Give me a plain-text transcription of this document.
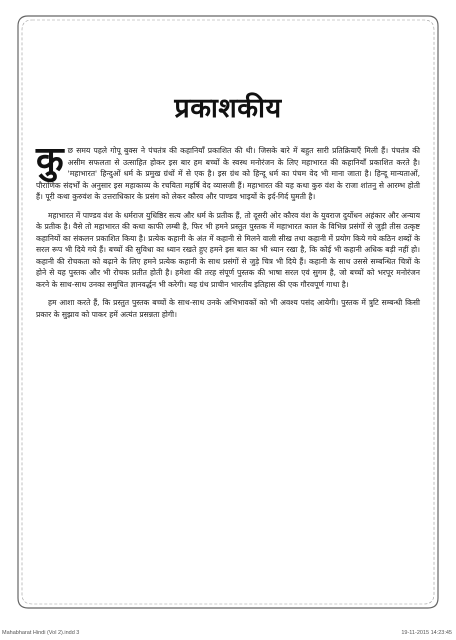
प्रकाशकीय

कुछ समय पहले गोपू बुक्स ने पंचतंत्र की कहानियाँ प्रकाशित की थी। जिसके बारे में बहुत सारी प्रतिक्रियाएँ मिली हैं। पंचतंत्र की असीम सफलता से उत्साहित होकर इस बार हम बच्चों के स्वस्थ मनोरंजन के लिए महाभारत की कहानियाँ प्रकाशित करते है। 'महाभारत' हिन्दुओं धर्म के प्रमुख ग्रंथों में से एक है। इस ग्रंथ को हिन्दू धर्म का पंचम वेद भी माना जाता है। हिन्दू मान्यताओं, पौराणिक संदर्भों के अनुसार इस महाकाव्य के रचयिता महर्षि वेद व्यासजी हैं। महाभारत की यह कथा कुरु वंश के राजा शांतनु से आरम्भ होती हैं। पूरी कथा कुरुवंश के उत्तराधिकार के प्रसंग को लेकर कौरव और पाण्डव भाइयों के इर्द-गिर्द घुमती है।

महाभारत में पाण्डव वंश के धर्मराज युधिष्ठिर सत्य और धर्म के प्रतीक हैं, तो दूसरी ओर कौरव वंश के युवराज दुर्योधन अहंकार और अन्याय के प्रतीक है। वैसे तो महाभारत की कथा काफी लम्बी है, फिर भी हमने प्रस्तुत पुस्तक में महाभारत काल के विभिन्न प्रसंगों से जुड़ी तीस उत्कृष्ट कहानियों का संकलन प्रकाशित किया है। प्रत्येक कहानी के अंत में कहानी से मिलने वाली सीख तथा कहानी में प्रयोग किये गये कठिन शब्दों के सरल रूप भी दिये गये हैं। बच्चों की सुविधा का ध्यान रखते हुए हमने इस बात का भी ध्यान रखा है, कि कोई भी कहानी अधिक बड़ी नहीं हो। कहानी की रोचकता को बढ़ाने के लिए हमने प्रत्येक कहानी के साथ प्रसंगों से जुड़े चित्र भी दिये हैं। कहानी के साथ उससे सम्बन्धित चित्रों के होने से यह पुस्तक और भी रोचक प्रतीत होती है। हमेशा की तरह संपूर्ण पुस्तक की भाषा सरल एवं सुगम है, जो बच्चों को भरपूर मनोरंजन करने के साथ-साथ उनका समुचित ज्ञानवर्द्धन भी करेगी। यह ग्रंथ प्राचीन भारतीय इतिहास की एक गौरवपूर्ण गाथा है।

हम आशा करते हैं, कि प्रस्तुत पुस्तक बच्चों के साथ-साथ उनके अभिभावकों को भी अवश्य पसंद आयेगी। पुस्तक में त्रुटि सम्बन्धी किसी प्रकार के सुझाव को पाकर हमें अत्यंत प्रसन्नता होगी।

Mahabharat Hindi (Vol 2).indd 3	19-11-2015 14:23:45
